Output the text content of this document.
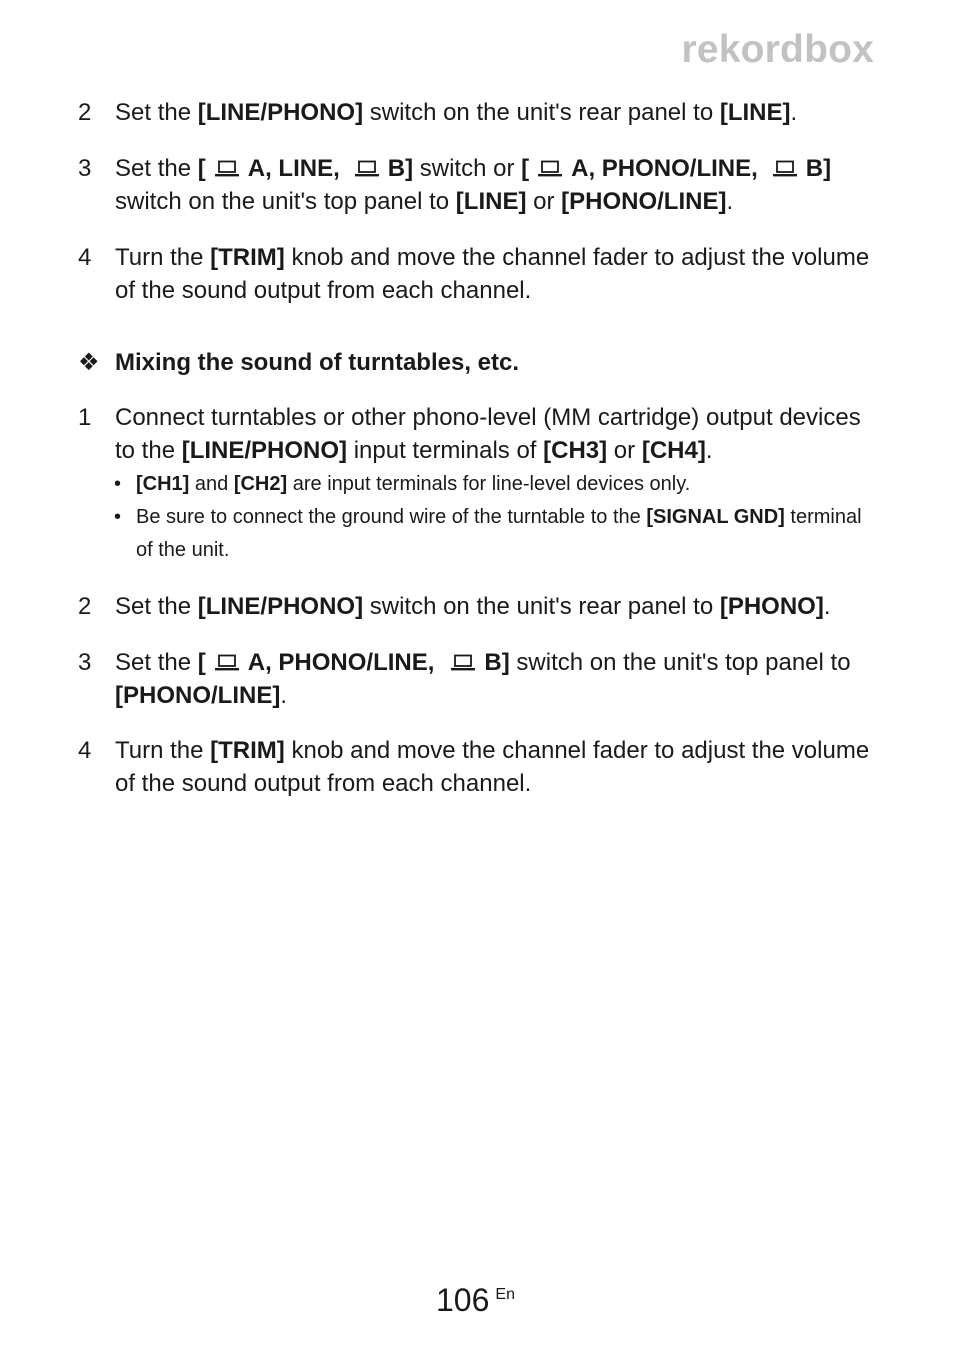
rekordbox
2 Set the [LINE/PHONO] switch on the unit's rear panel to [LINE].
3 Set the [ A, LINE, B] switch or [ A, PHONO/LINE, B] switch on the unit's top panel to [LINE] or [PHONO/LINE].
4 Turn the [TRIM] knob and move the channel fader to adjust the volume of the sound output from each channel.
❖ Mixing the sound of turntables, etc.
1 Connect turntables or other phono-level (MM cartridge) output devices to the [LINE/PHONO] input terminals of [CH3] or [CH4].
• [CH1] and [CH2] are input terminals for line-level devices only.
• Be sure to connect the ground wire of the turntable to the [SIGNAL GND] terminal of the unit.
2 Set the [LINE/PHONO] switch on the unit's rear panel to [PHONO].
3 Set the [ A, PHONO/LINE, B] switch on the unit's top panel to [PHONO/LINE].
4 Turn the [TRIM] knob and move the channel fader to adjust the volume of the sound output from each channel.
106 $^{En}$
